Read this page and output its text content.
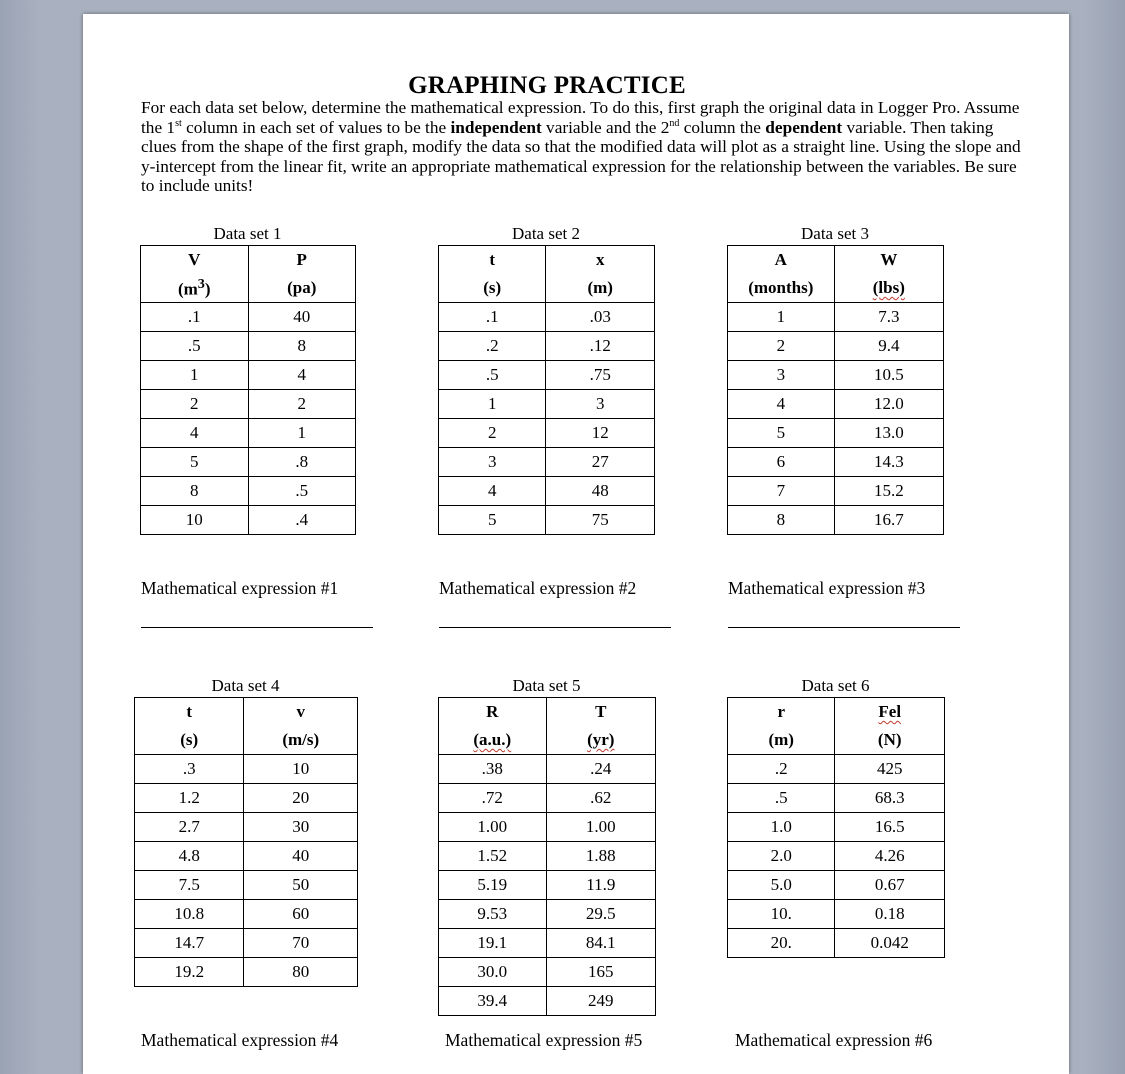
GRAPHING PRACTICE
For each data set below, determine the mathematical expression. To do this, first graph the original data in Logger Pro. Assume the 1st column in each set of values to be the independent variable and the 2nd column the dependent variable. Then taking clues from the shape of the first graph, modify the data so that the modified data will plot as a straight line. Using the slope and y-intercept from the linear fit, write an appropriate mathematical expression for the relationship between the variables. Be sure to include units!
Data set 1
V	P
$(m^3)$	(pa)
.1	40
.5	8
1	4
2	2
4	1
5	.8
8	.5
10	.4
Data set 2
t	x
(s)	(m)
.1	.03
.2	.12
.5	.75
1	3
2	12
3	27
4	48
5	75
Data set 3
A	W
(months)	(lbs)
1	7.3
2	9.4
3	10.5
4	12.0
5	13.0
6	14.3
7	15.2
8	16.7
Mathematical expression #1	Mathematical expression #2	Mathematical expression #3
Data set 4
t	v
(s)	(m/s)
.3	10
1.2	20
2.7	30
4.8	40
7.5	50
10.8	60
14.7	70
19.2	80
Data set 5
R	T
(a.u.)	(yr)
.38	.24
.72	.62
1.00	1.00
1.52	1.88
5.19	11.9
9.53	29.5
19.1	84.1
30.0	165
39.4	249
Data set 6
r	Fel
(m)	(N)
.2	425
.5	68.3
1.0	16.5
2.0	4.26
5.0	0.67
10.	0.18
20.	0.042
Mathematical expression #4	Mathematical expression #5	Mathematical expression #6
